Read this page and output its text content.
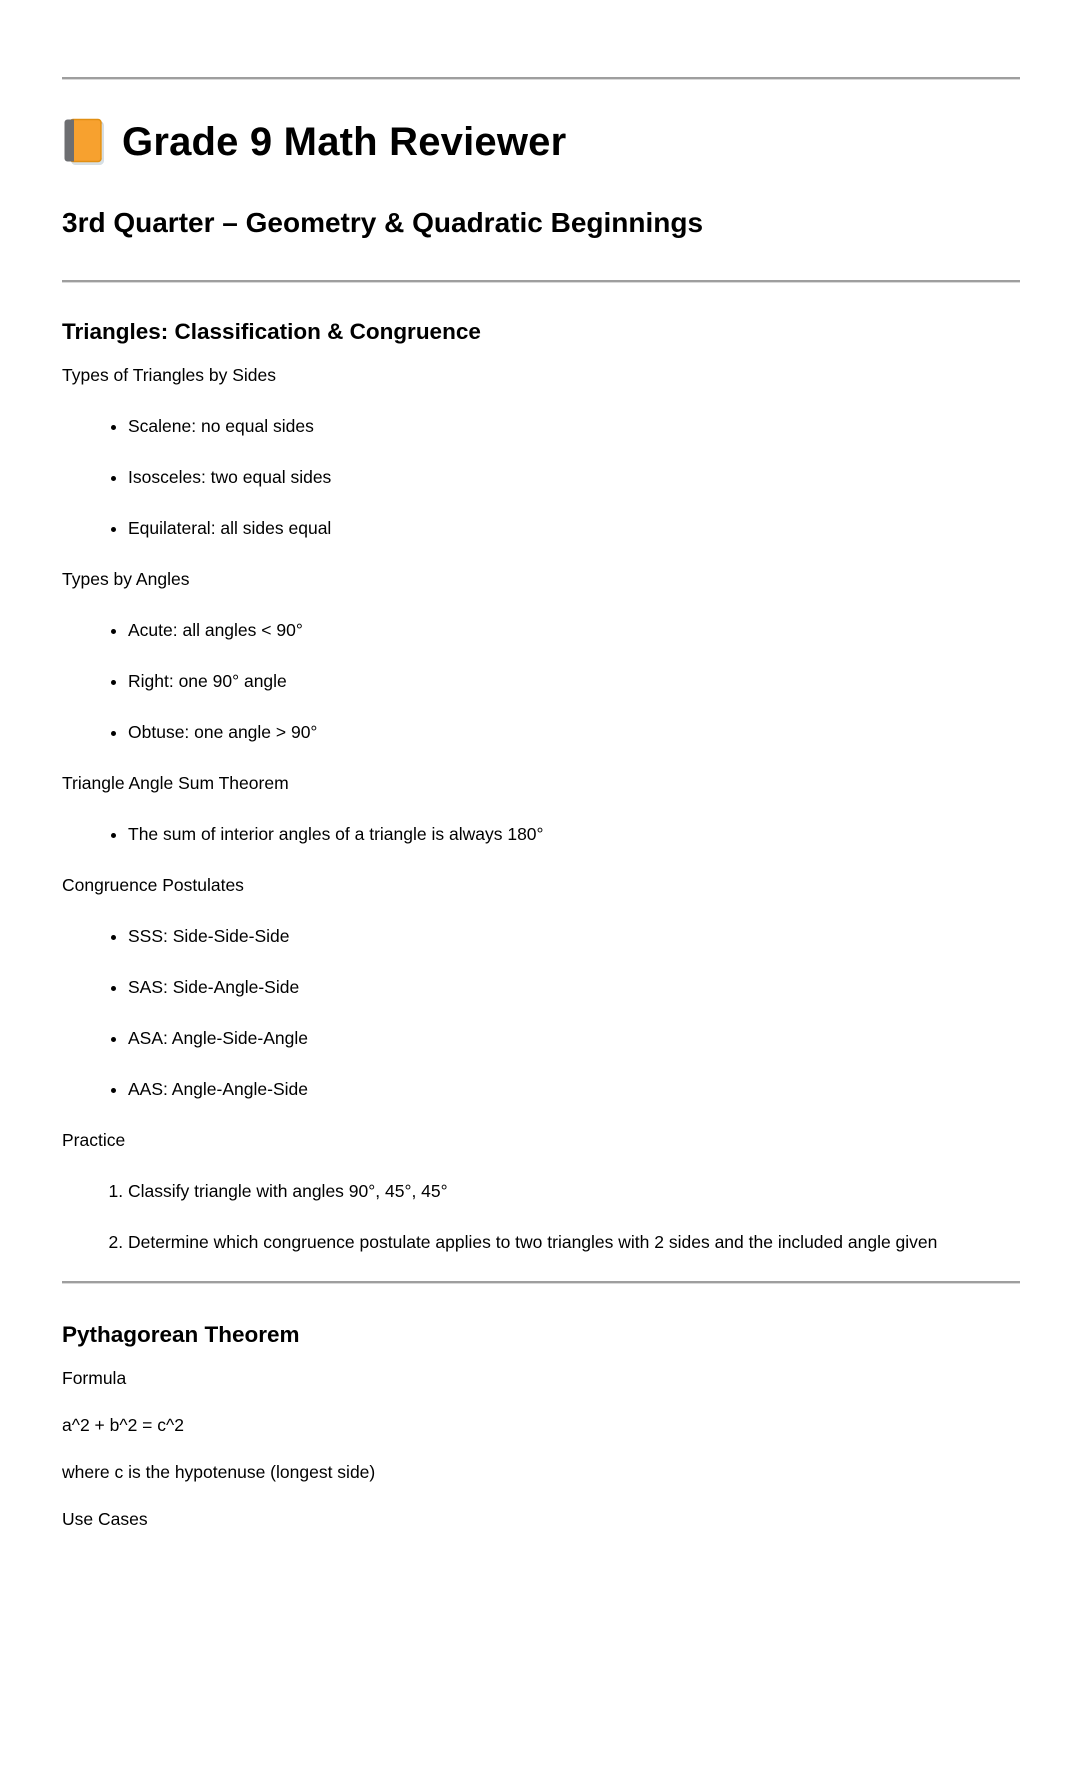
Grade 9 Math Reviewer
3rd Quarter – Geometry & Quadratic Beginnings
Triangles: Classification & Congruence

Types of Triangles by Sides

• Scalene: no equal sides
• Isosceles: two equal sides
• Equilateral: all sides equal

Types by Angles

• Acute: all angles < 90°
• Right: one 90° angle
• Obtuse: one angle > 90°

Triangle Angle Sum Theorem

• The sum of interior angles of a triangle is always 180°

Congruence Postulates

• SSS: Side-Side-Side
• SAS: Side-Angle-Side
• ASA: Angle-Side-Angle
• AAS: Angle-Angle-Side

Practice

1. Classify triangle with angles 90°, 45°, 45°
2. Determine which congruence postulate applies to two triangles with 2 sides and the included angle given
Pythagorean Theorem

Formula

a^2 + b^2 = c^2

where c is the hypotenuse (longest side)

Use Cases
